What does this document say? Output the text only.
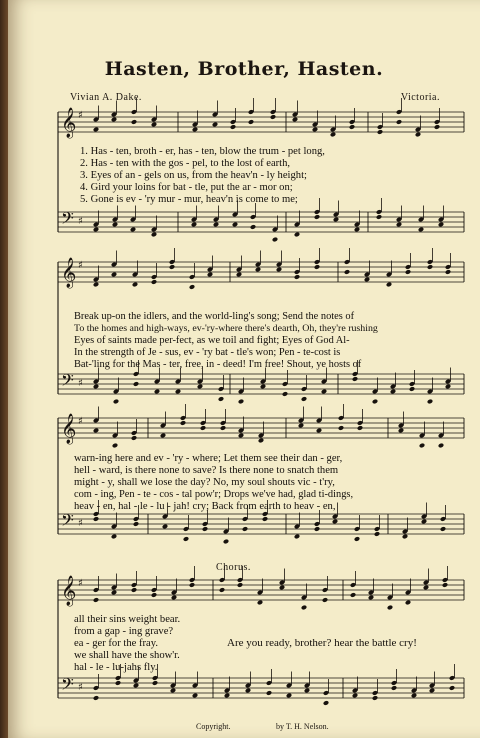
Hasten, Brother, Hasten.
Vivian A. Dake.	Victoria.
𝄞 ♯
𝄢 ♯
𝄞 ♯
𝄢 ♯
𝄞 ♯
𝄢 ♯
𝄞 ♯
𝄢 ♯
1. Has - ten, broth - er, has - ten, blow the trum - pet long,
2. Has - ten with the gos - pel, to the lost of earth,
3. Eyes of an - gels on us, from the heav'n - ly height;
4. Gird your loins for bat - tle, put the ar - mor on;
5. Gone is ev - 'ry mur - mur, heav'n is come to me;
Break up-on the idlers, and the world-ling's song; Send the notes of
To the homes and high-ways, ev-'ry-where there's dearth, Oh, they're rushing
Eyes of saints made per-fect, as we toil and fight; Eyes of God Al-
In the strength of Je - sus, ev - 'ry bat - tle's won; Pen - te-cost is
Bat-'ling for the Mas - ter, free, in - deed! I'm free! Shout, ye hosts of
warn-ing here and ev - 'ry - where; Let them see their dan - ger,
hell - ward, is there none to save? Is there none to snatch them
might - y, shall we lose the day? No, my soul shouts vic - t'ry,
com - ing, Pen - te - cos - tal pow'r; Drops we've had, glad ti-dings,
heav - en, hal - le - lu - jah! cry; Back from earth to heav - en,
Chorus.
all their sins weight bear.
from a gap - ing grave?
ea - ger for the fray.
we shall have the show'r.
hal - le - lu-jahs fly.
Are you ready, brother? hear the battle cry!
Copyright.	by T. H. Nelson.
